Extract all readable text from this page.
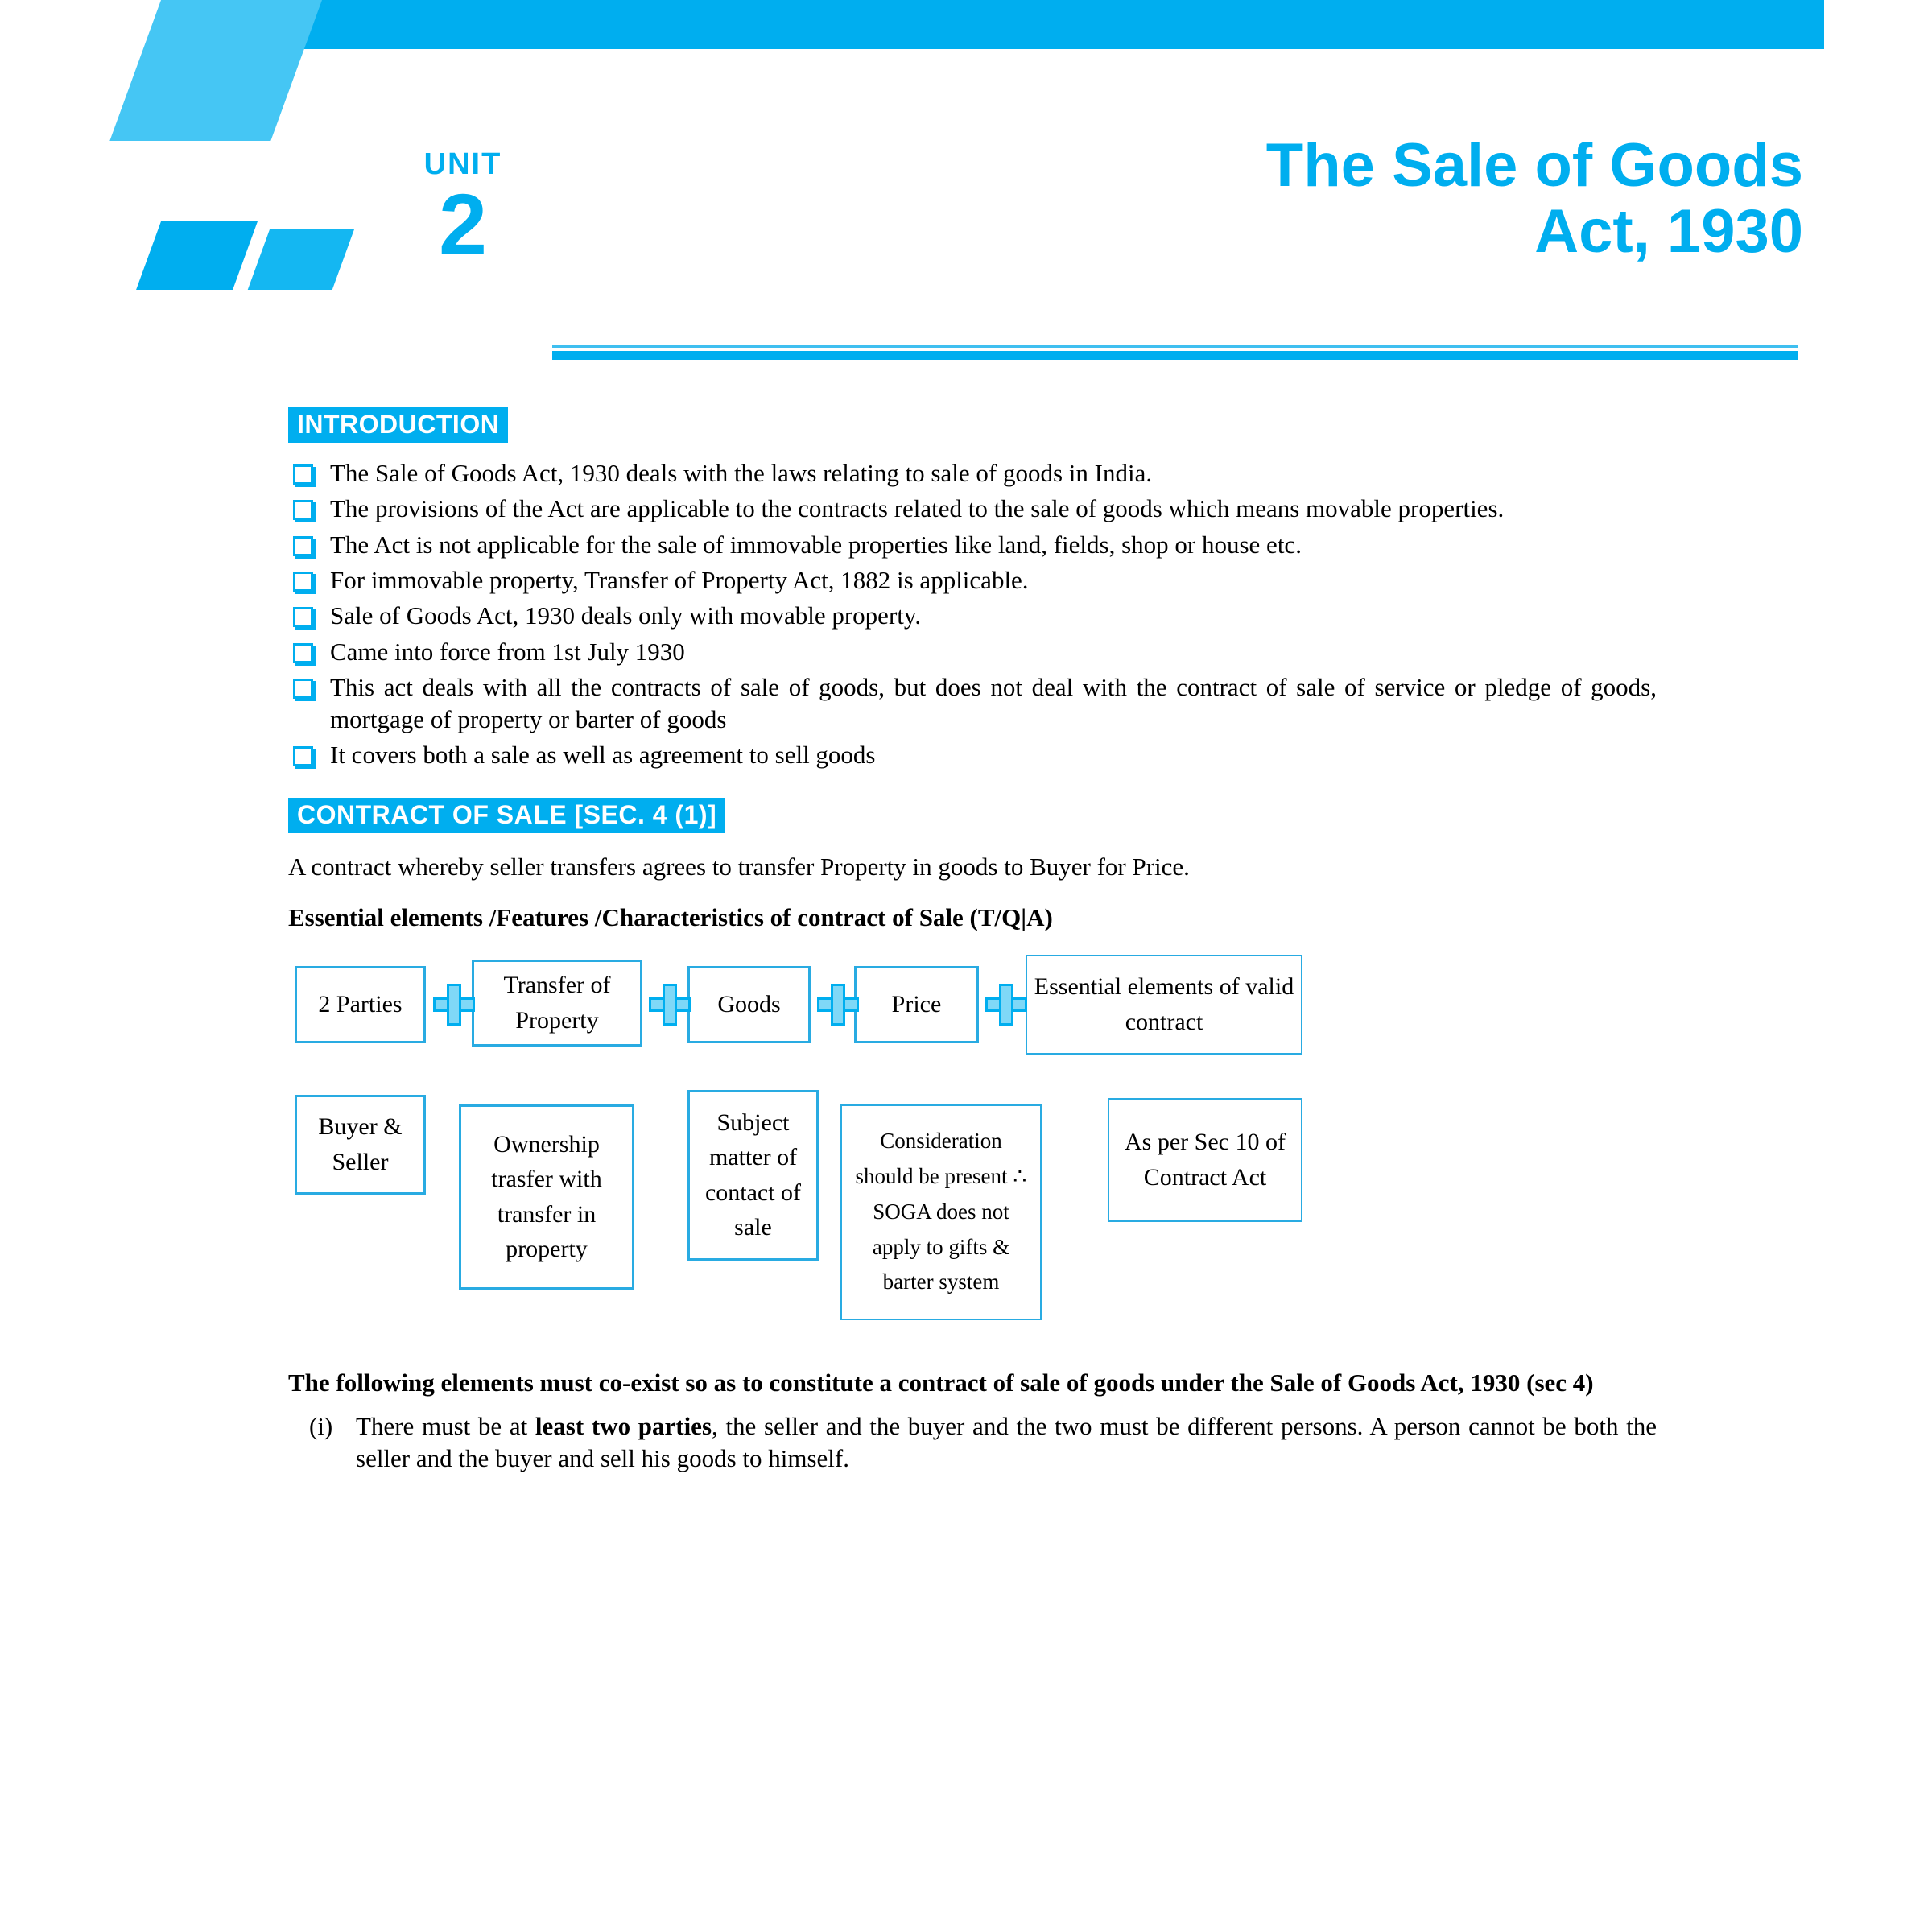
UNIT
2
The Sale of Goods
Act, 1930
INTRODUCTION
The Sale of Goods Act, 1930 deals with the laws relating to sale of goods in India.
The provisions of the Act are applicable to the contracts related to the sale of goods which means movable properties.
The Act is not applicable for the sale of immovable properties like land, fields, shop or house etc.
For immovable property, Transfer of Property Act, 1882 is applicable.
Sale of Goods Act, 1930 deals only with movable property.
Came into force from 1st July 1930
This act deals with all the contracts of sale of goods, but does not deal with the contract of sale of service or pledge of goods, mortgage of property or barter of goods
It covers both a sale as well as agreement to sell goods
CONTRACT OF SALE [SEC. 4 (1)]
A contract whereby seller transfers agrees to transfer Property in goods to Buyer for Price.
Essential elements /Features /Characteristics of contract of Sale (T/Q|A)
2 Parties
Transfer of Property
Goods	Price
Essential elements of valid contract
Buyer & Seller
Ownership trasfer with transfer in property
Subject matter of contact of sale
Consideration should be present ∴ SOGA does not apply to gifts & barter system
As per Sec 10 of Contract Act
The following elements must co-exist so as to constitute a contract of sale of goods under the Sale of Goods Act, 1930 (sec 4)
(i) There must be at least two parties, the seller and the buyer and the two must be different persons. A person cannot be both the seller and the buyer and sell his goods to himself.
